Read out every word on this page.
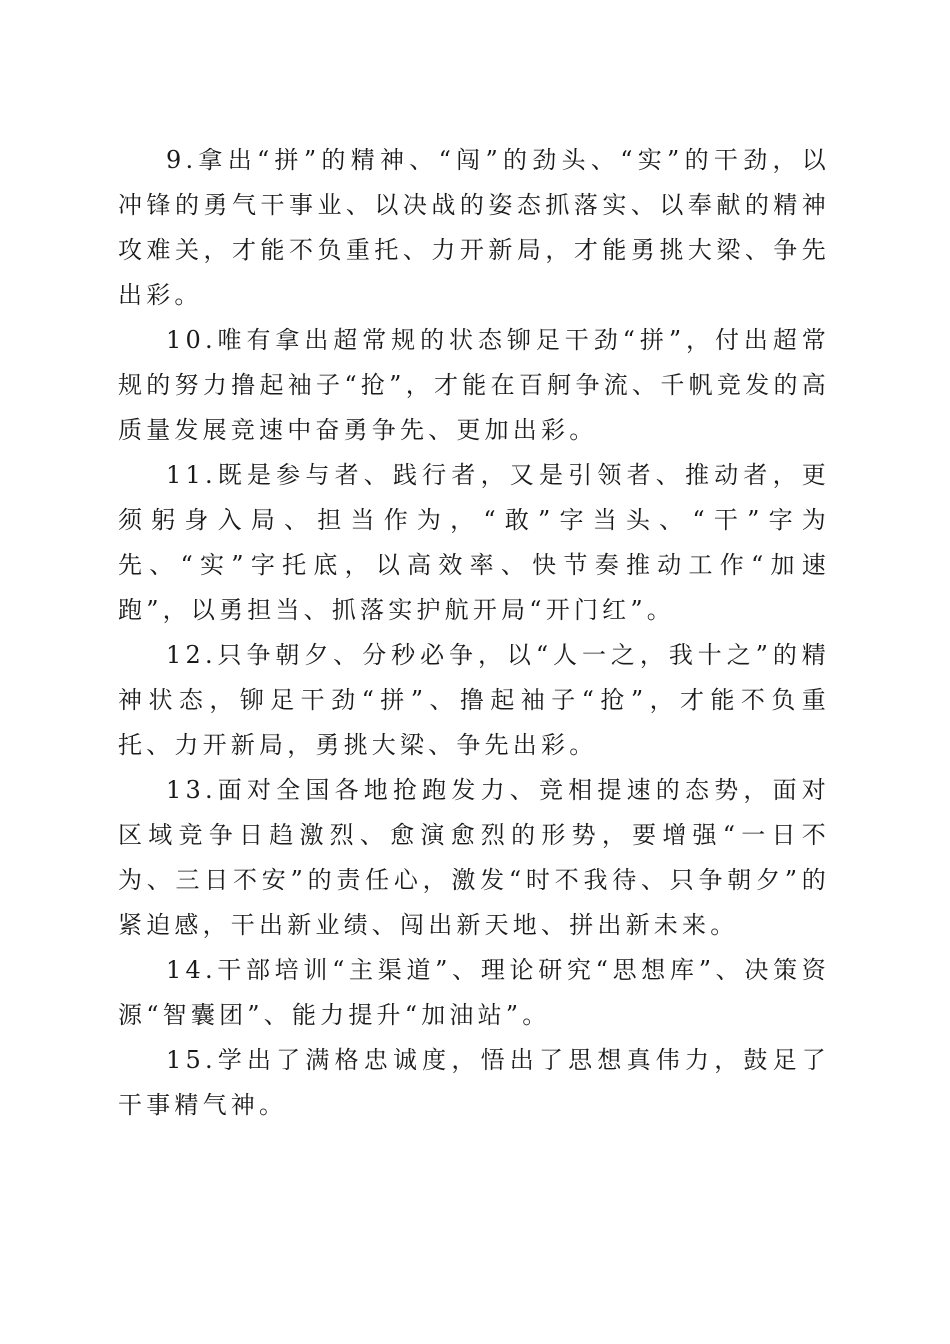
9.拿出“拼”的精神、“闯”的劲头、“实”的干劲，以冲锋的勇气干事业、以决战的姿态抓落实、以奉献的精神攻难关，才能不负重托、力开新局，才能勇挑大梁、争先出彩。

10.唯有拿出超常规的状态铆足干劲“拼”，付出超常规的努力撸起袖子“抢”，才能在百舸争流、千帆竞发的高质量发展竞速中奋勇争先、更加出彩。

11.既是参与者、践行者，又是引领者、推动者，更须躬身入局、担当作为，“敢”字当头、“干”字为先、“实”字托底，以高效率、快节奏推动工作“加速跑”，以勇担当、抓落实护航开局“开门红”。

12.只争朝夕、分秒必争，以“人一之，我十之”的精神状态，铆足干劲“拼”、撸起袖子“抢”，才能不负重托、力开新局，勇挑大梁、争先出彩。

13.面对全国各地抢跑发力、竞相提速的态势，面对区域竞争日趋激烈、愈演愈烈的形势，要增强“一日不为、三日不安”的责任心，激发“时不我待、只争朝夕”的紧迫感，干出新业绩、闯出新天地、拼出新未来。

14.干部培训“主渠道”、理论研究“思想库”、决策资源“智囊团”、能力提升“加油站”。

15.学出了满格忠诚度，悟出了思想真伟力，鼓足了干事精气神。
